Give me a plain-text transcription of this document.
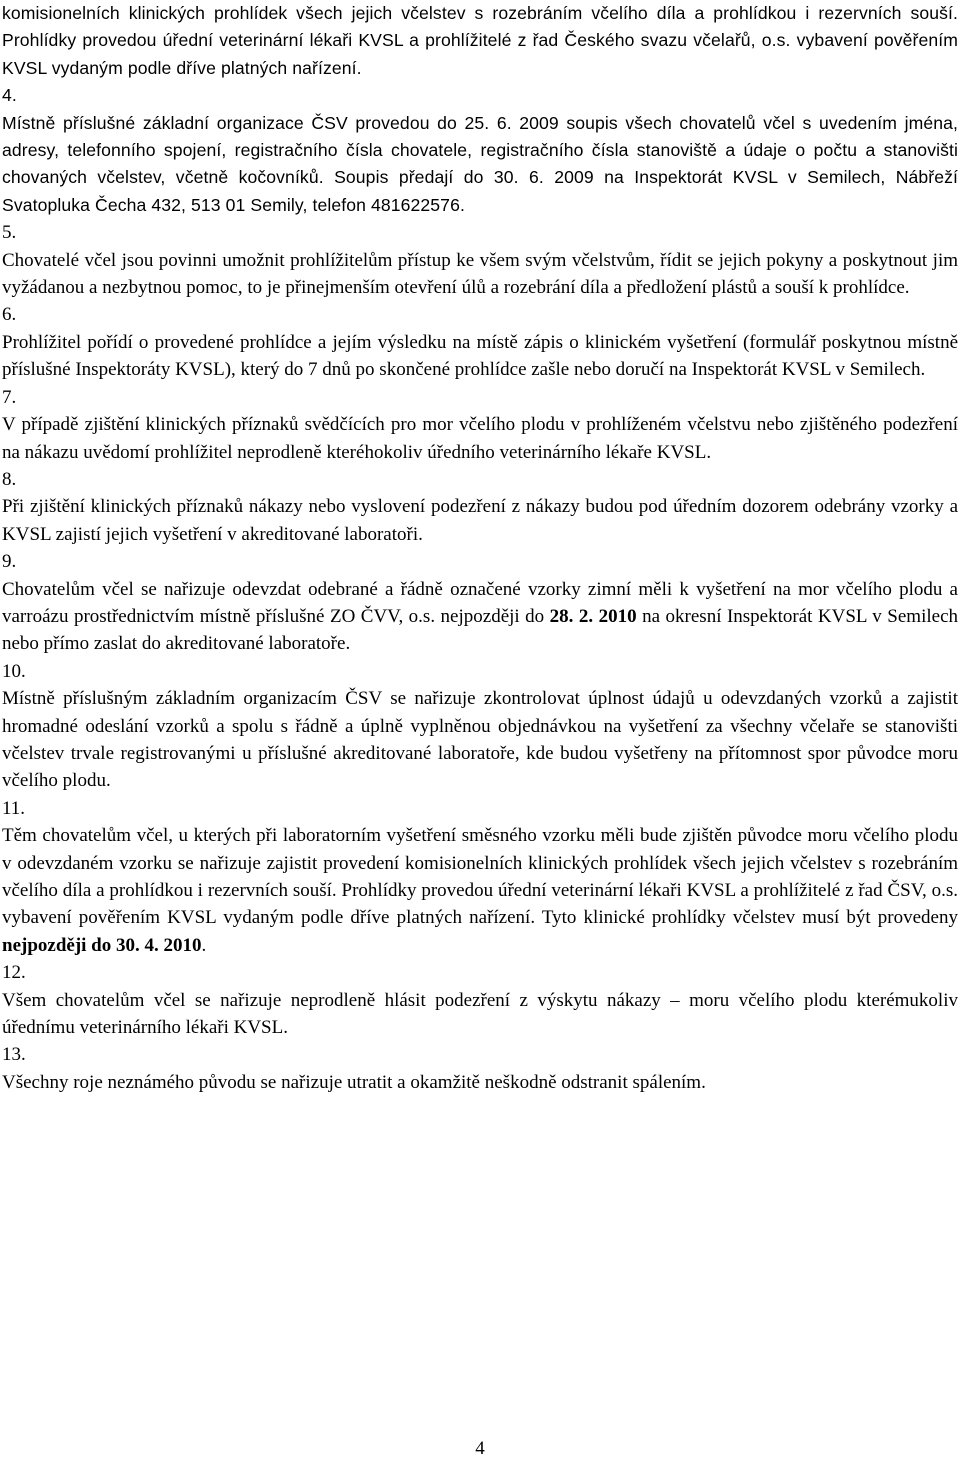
komisionelních klinických prohlídek všech jejich včelstev s rozebráním včelího díla a prohlídkou i rezervních souší. Prohlídky provedou úřední veterinární lékaři KVSL a prohlížitelé z řad Českého svazu včelařů, o.s. vybavení pověřením KVSL vydaným podle dříve platných nařízení.

4.

Místně příslušné základní organizace ČSV provedou do 25. 6. 2009 soupis všech chovatelů včel s uvedením jména, adresy, telefonního spojení, registračního čísla chovatele, registračního čísla stanoviště a údaje o počtu a stanovišti chovaných včelstev, včetně kočovníků. Soupis předají do 30. 6. 2009 na Inspektorát KVSL v Semilech, Nábřeží Svatopluka Čecha 432, 513 01 Semily, telefon 481622576.

5.

Chovatelé včel jsou povinni umožnit prohlížitelům přístup ke všem svým včelstvům, řídit se jejich pokyny a poskytnout jim vyžádanou a nezbytnou pomoc, to je přinejmenším otevření úlů a rozebrání díla a předložení plástů a souší k prohlídce.

6.

Prohlížitel pořídí o provedené prohlídce a jejím výsledku na místě zápis o klinickém vyšetření (formulář poskytnou místně příslušné Inspektoráty KVSL), který do 7 dnů po skončené prohlídce zašle nebo doručí na Inspektorát KVSL v Semilech.

7.

V případě zjištění klinických příznaků svědčících pro mor včelího plodu v prohlíženém včelstvu nebo zjištěného podezření na nákazu uvědomí prohlížitel neprodleně kteréhokoliv úředního veterinárního lékaře KVSL.

8.

Při zjištění klinických příznaků nákazy nebo vyslovení podezření z nákazy budou pod úředním dozorem odebrány vzorky a KVSL zajistí jejich vyšetření v akreditované laboratoři.

9.

Chovatelům včel se nařizuje odevzdat odebrané a řádně označené vzorky zimní měli k vyšetření na mor včelího plodu a varroázu prostřednictvím místně příslušné ZO ČVV, o.s. nejpozději do 28. 2. 2010 na okresní Inspektorát KVSL v Semilech nebo přímo zaslat do akreditované laboratoře.

10.

Místně příslušným základním organizacím ČSV se nařizuje zkontrolovat úplnost údajů u odevzdaných vzorků a zajistit hromadné odeslání vzorků a spolu s řádně a úplně vyplněnou objednávkou na vyšetření za všechny včelaře se stanovišti včelstev trvale registrovanými u příslušné akreditované laboratoře, kde budou vyšetřeny na přítomnost spor původce moru včelího plodu.

11.

Těm chovatelům včel, u kterých při laboratorním vyšetření směsného vzorku měli bude zjištěn původce moru včelího plodu v odevzdaném vzorku se nařizuje zajistit provedení komisionelních klinických prohlídek všech jejich včelstev s rozebráním včelího díla a prohlídkou i rezervních souší. Prohlídky provedou úřední veterinární lékaři KVSL a prohlížitelé z řad ČSV, o.s. vybavení pověřením KVSL vydaným podle dříve platných nařízení. Tyto klinické prohlídky včelstev musí být provedeny nejpozději do 30. 4. 2010.

12.

Všem chovatelům včel se nařizuje neprodleně hlásit podezření z výskytu nákazy – moru včelího plodu kterémukoliv úřednímu veterinárního lékaři KVSL.

13.

Všechny roje neznámého původu se nařizuje utratit a okamžitě neškodně odstranit spálením.

4
